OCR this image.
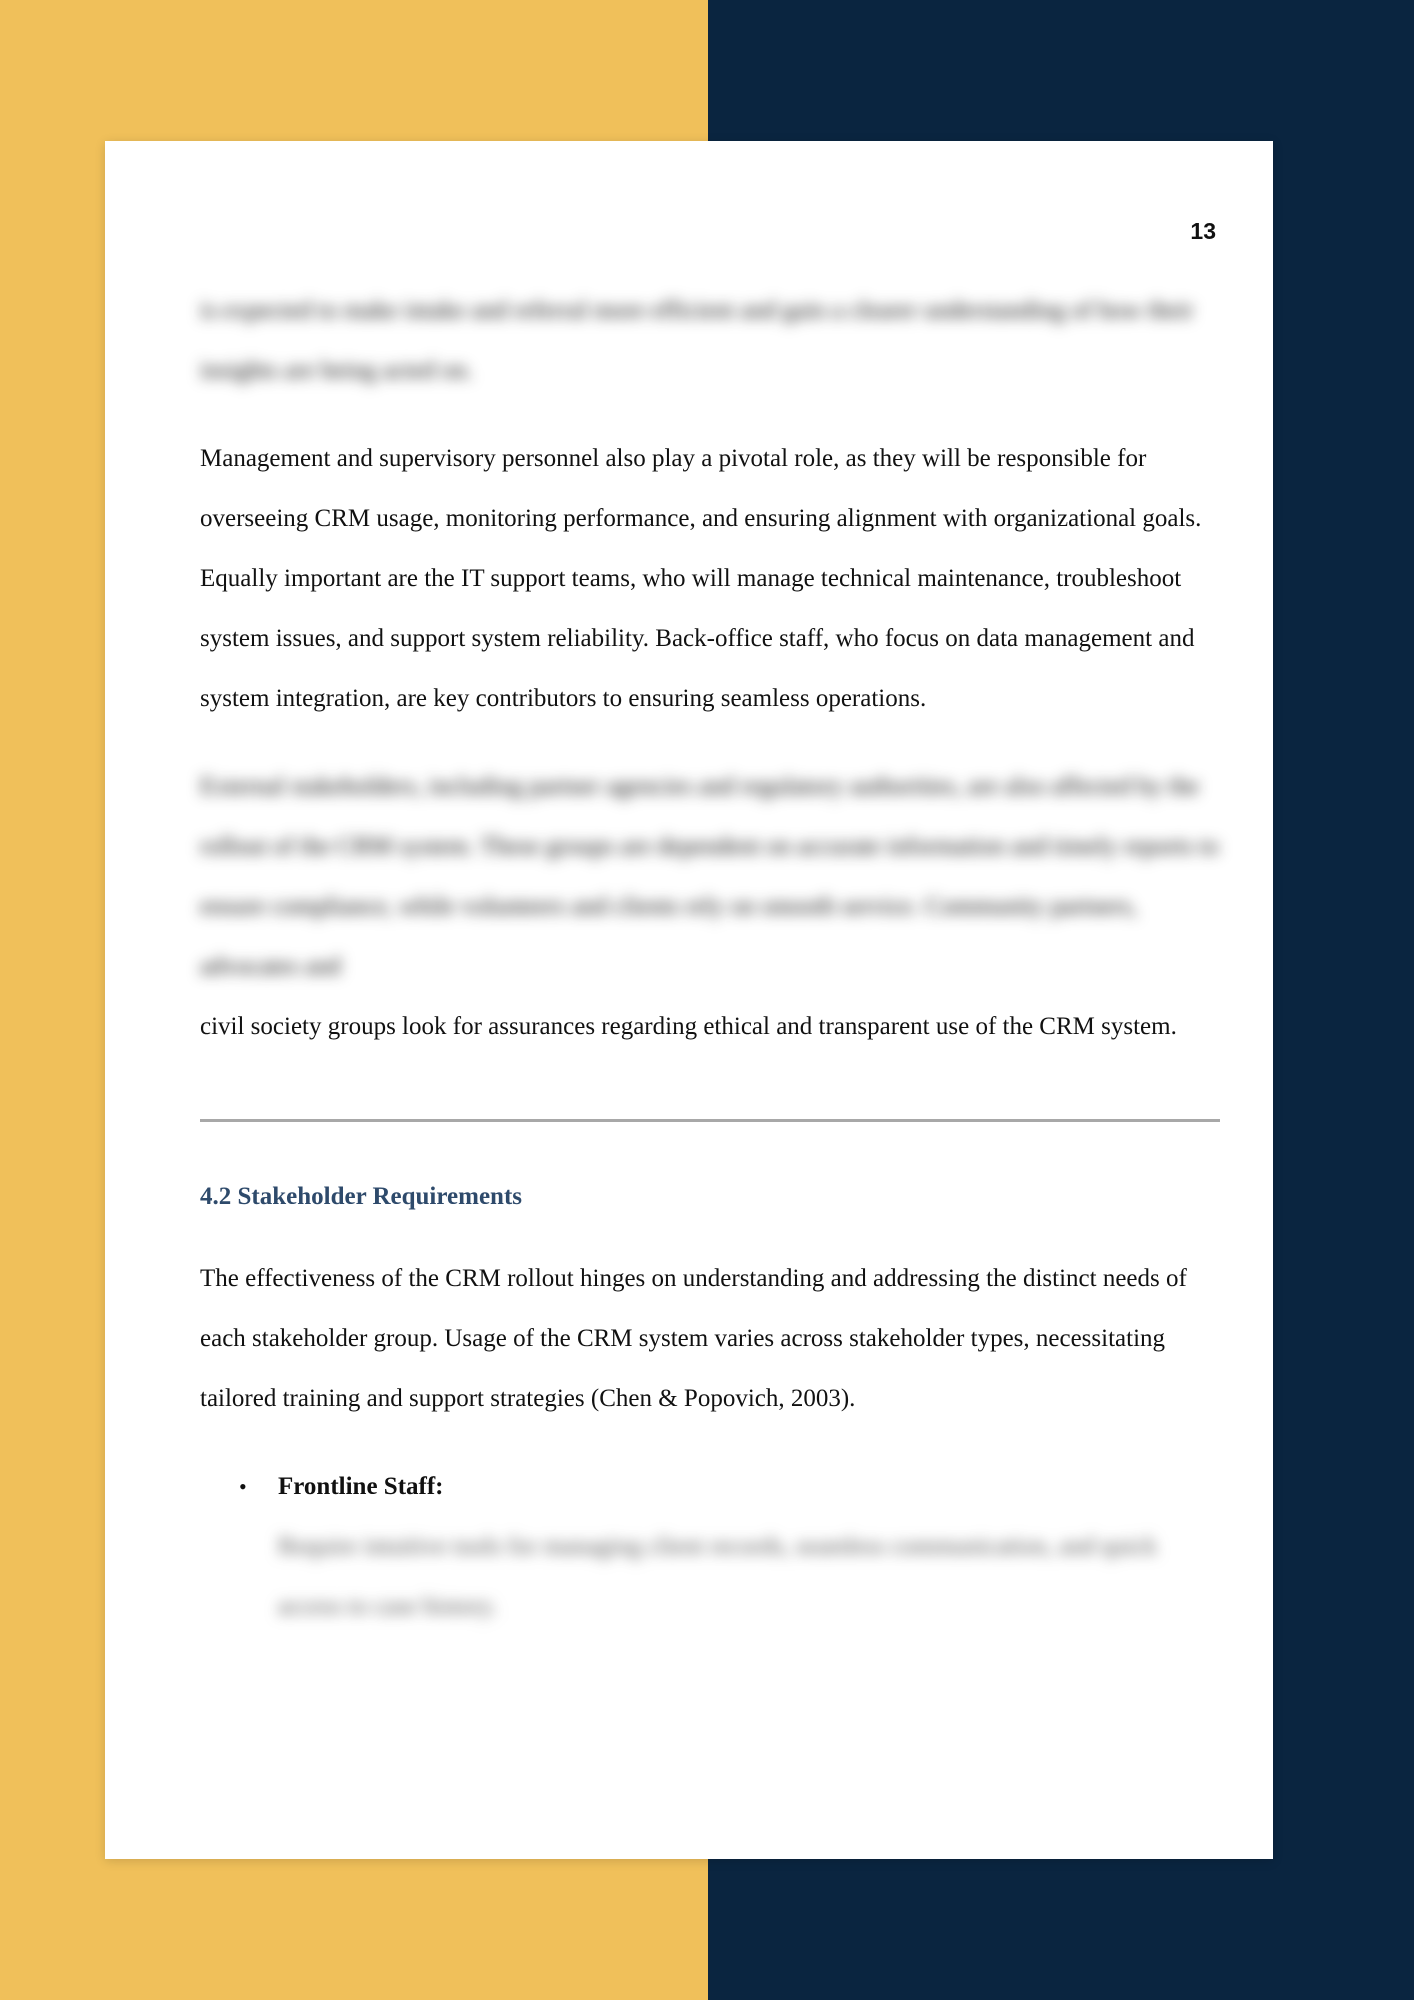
13

is expected to make intake and referral more efficient and gain a clearer understanding of how their insights are being acted on.

Management and supervisory personnel also play a pivotal role, as they will be responsible for overseeing CRM usage, monitoring performance, and ensuring alignment with organizational goals. Equally important are the IT support teams, who will manage technical maintenance, troubleshoot system issues, and support system reliability. Back-office staff, who focus on data management and system integration, are key contributors to ensuring seamless operations.

External stakeholders, including partner agencies and regulatory authorities, are also affected by the rollout of the CRM system. These groups are dependent on accurate information and timely reports to ensure compliance, while volunteers and clients rely on smooth service. Community partners, advocates and

civil society groups look for assurances regarding ethical and transparent use of the CRM system.

4.2 Stakeholder Requirements

The effectiveness of the CRM rollout hinges on understanding and addressing the distinct needs of each stakeholder group. Usage of the CRM system varies across stakeholder types, necessitating tailored training and support strategies (Chen & Popovich, 2003).

• Frontline Staff:
Require intuitive tools for managing client records, seamless communication, and quick access to case history.
